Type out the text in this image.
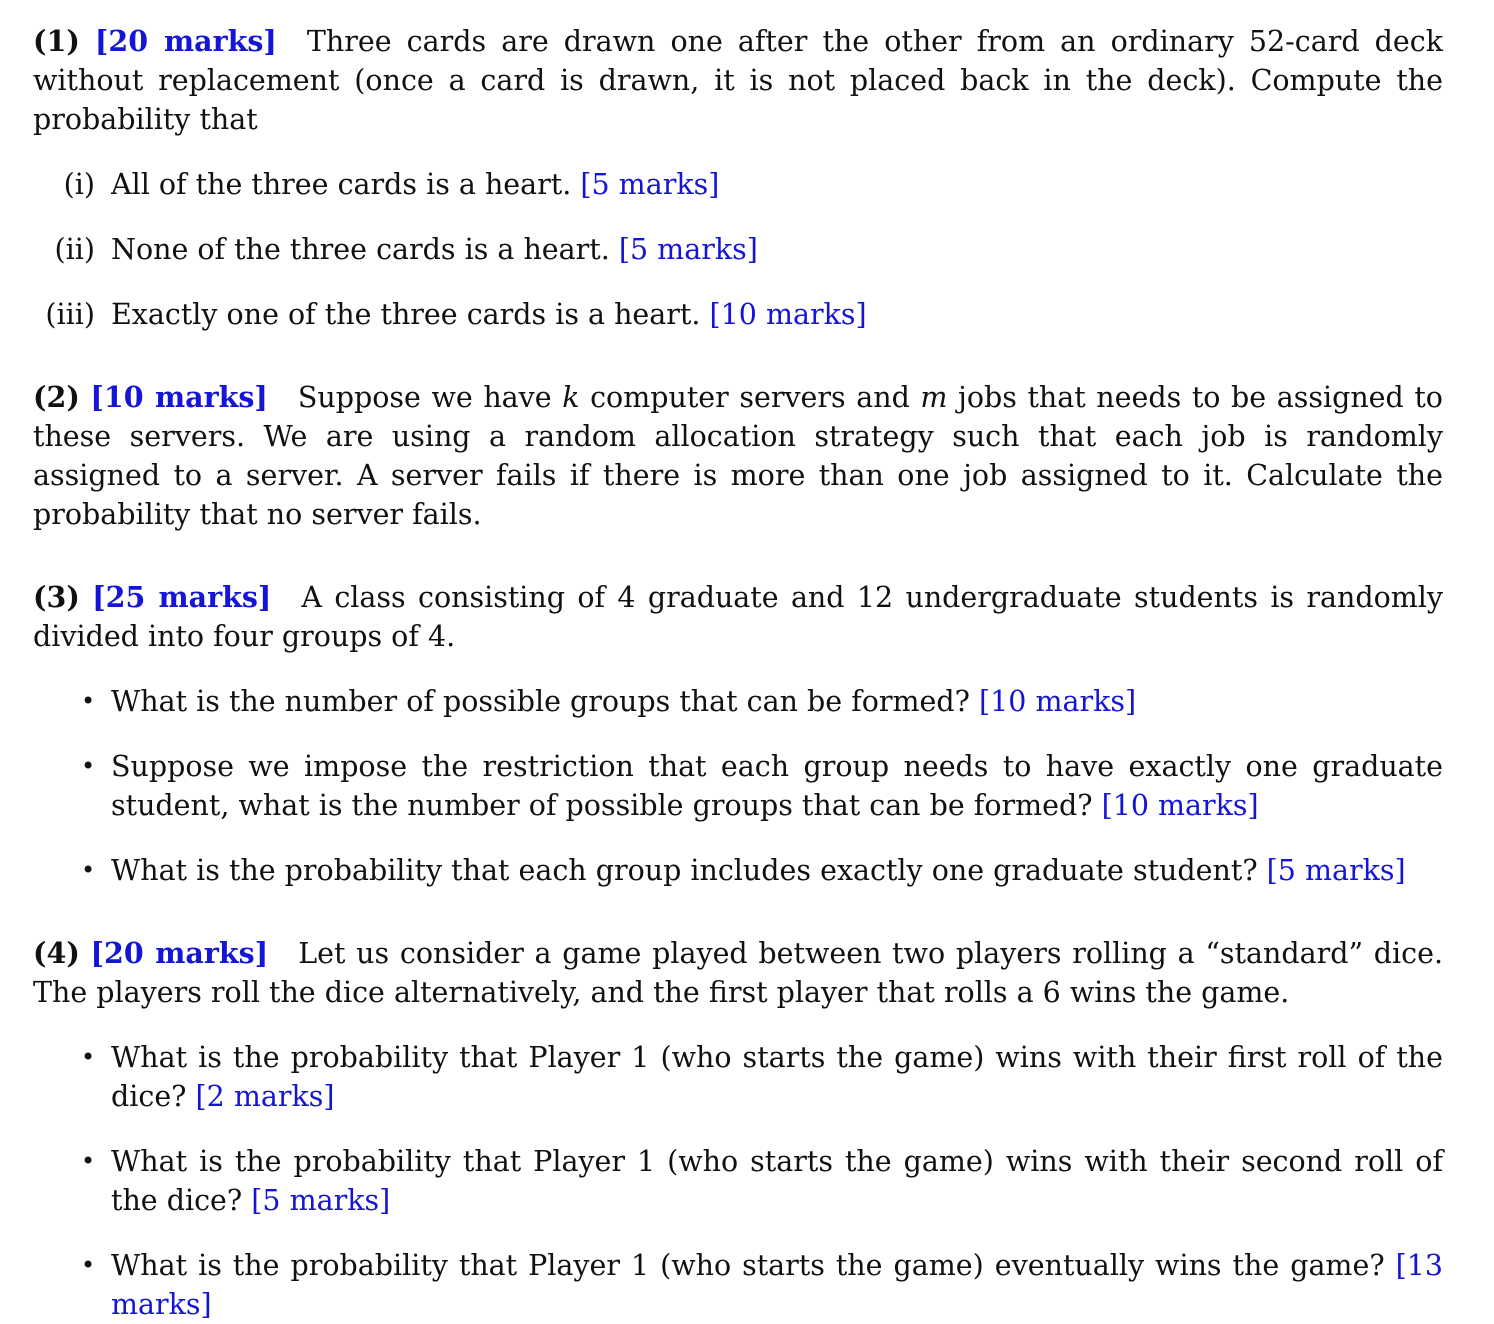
(1) [20 marks] Three cards are drawn one after the other from an ordinary 52-card deck without replacement (once a card is drawn, it is not placed back in the deck). Compute the probability that

(i) All of the three cards is a heart. [5 marks]
(ii) None of the three cards is a heart. [5 marks]
(iii) Exactly one of the three cards is a heart. [10 marks]

(2) [10 marks] Suppose we have k computer servers and m jobs that needs to be assigned to these servers. We are using a random allocation strategy such that each job is randomly assigned to a server. A server fails if there is more than one job assigned to it. Calculate the probability that no server fails.

(3) [25 marks] A class consisting of 4 graduate and 12 undergraduate students is randomly divided into four groups of 4.

• What is the number of possible groups that can be formed? [10 marks]
• Suppose we impose the restriction that each group needs to have exactly one graduate student, what is the number of possible groups that can be formed? [10 marks]
• What is the probability that each group includes exactly one graduate student? [5 marks]

(4) [20 marks] Let us consider a game played between two players rolling a “standard” dice. The players roll the dice alternatively, and the first player that rolls a 6 wins the game.

• What is the probability that Player 1 (who starts the game) wins with their first roll of the dice? [2 marks]
• What is the probability that Player 1 (who starts the game) wins with their second roll of the dice? [5 marks]
• What is the probability that Player 1 (who starts the game) eventually wins the game? [13 marks]
